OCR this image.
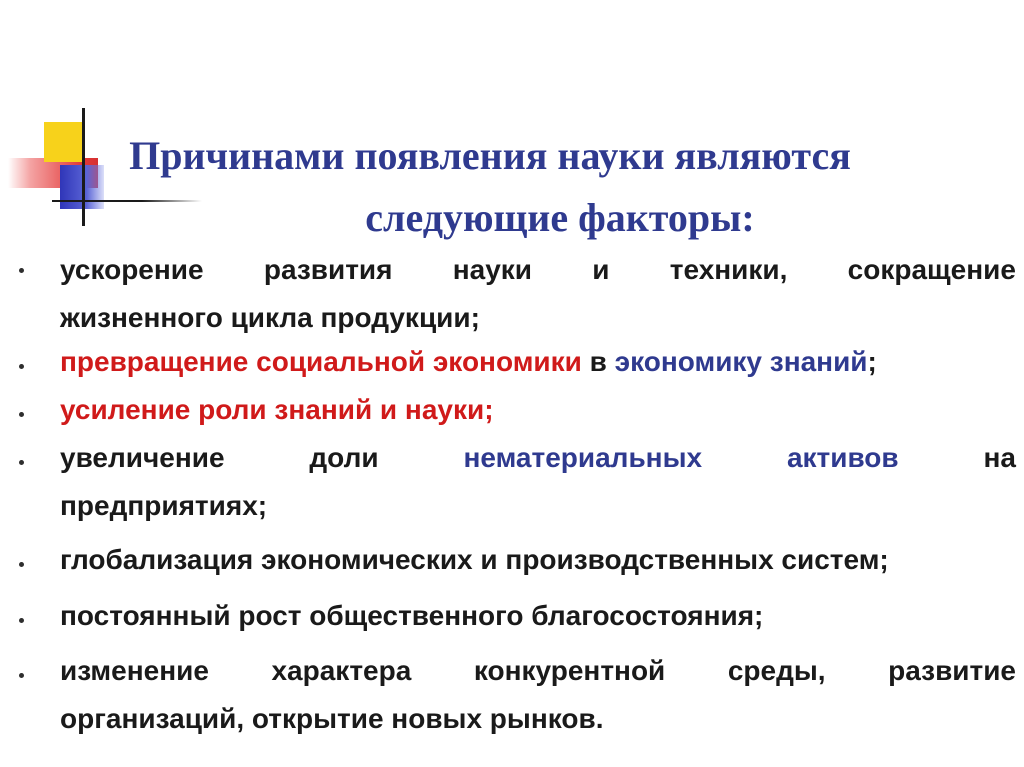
Причинами появления науки являются
следующие факторы:
ускорение развития науки и техники, сокращение
жизненного цикла продукции;
превращение социальной экономики в экономику знаний;
усиление роли знаний и науки;
увеличение	доли	нематериальных	активов	на
предприятиях;
глобализация экономических и производственных систем;
постоянный рост общественного благосостояния;
изменение характера конкурентной среды, развитие
организаций, открытие новых рынков.
